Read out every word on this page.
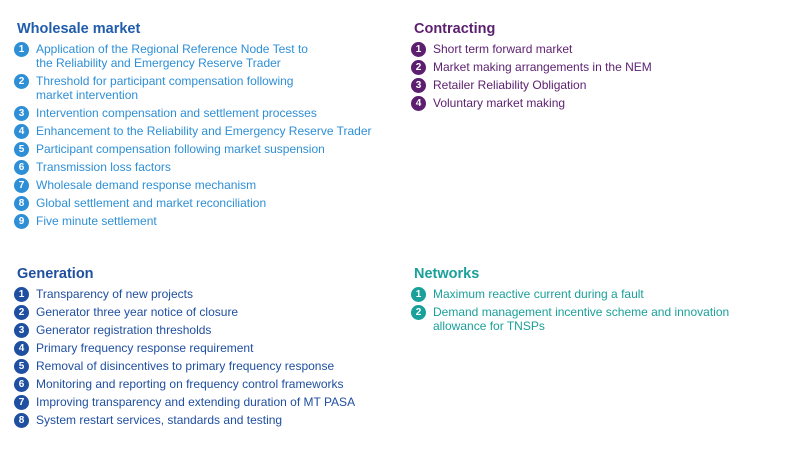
Wholesale market
1 Application of the Regional Reference Node Test to the Reliability and Emergency Reserve Trader
2 Threshold for participant compensation following market intervention
3 Intervention compensation and settlement processes
4 Enhancement to the Reliability and Emergency Reserve Trader
5 Participant compensation following market suspension
6 Transmission loss factors
7 Wholesale demand response mechanism
8 Global settlement and market reconciliation
9 Five minute settlement
Contracting
1 Short term forward market
2 Market making arrangements in the NEM
3 Retailer Reliability Obligation
4 Voluntary market making
Generation
1 Transparency of new projects
2 Generator three year notice of closure
3 Generator registration thresholds
4 Primary frequency response requirement
5 Removal of disincentives to primary frequency response
6 Monitoring and reporting on frequency control frameworks
7 Improving transparency and extending duration of MT PASA
8 System restart services, standards and testing
Networks
1 Maximum reactive current during a fault
2 Demand management incentive scheme and innovation allowance for TNSPs
